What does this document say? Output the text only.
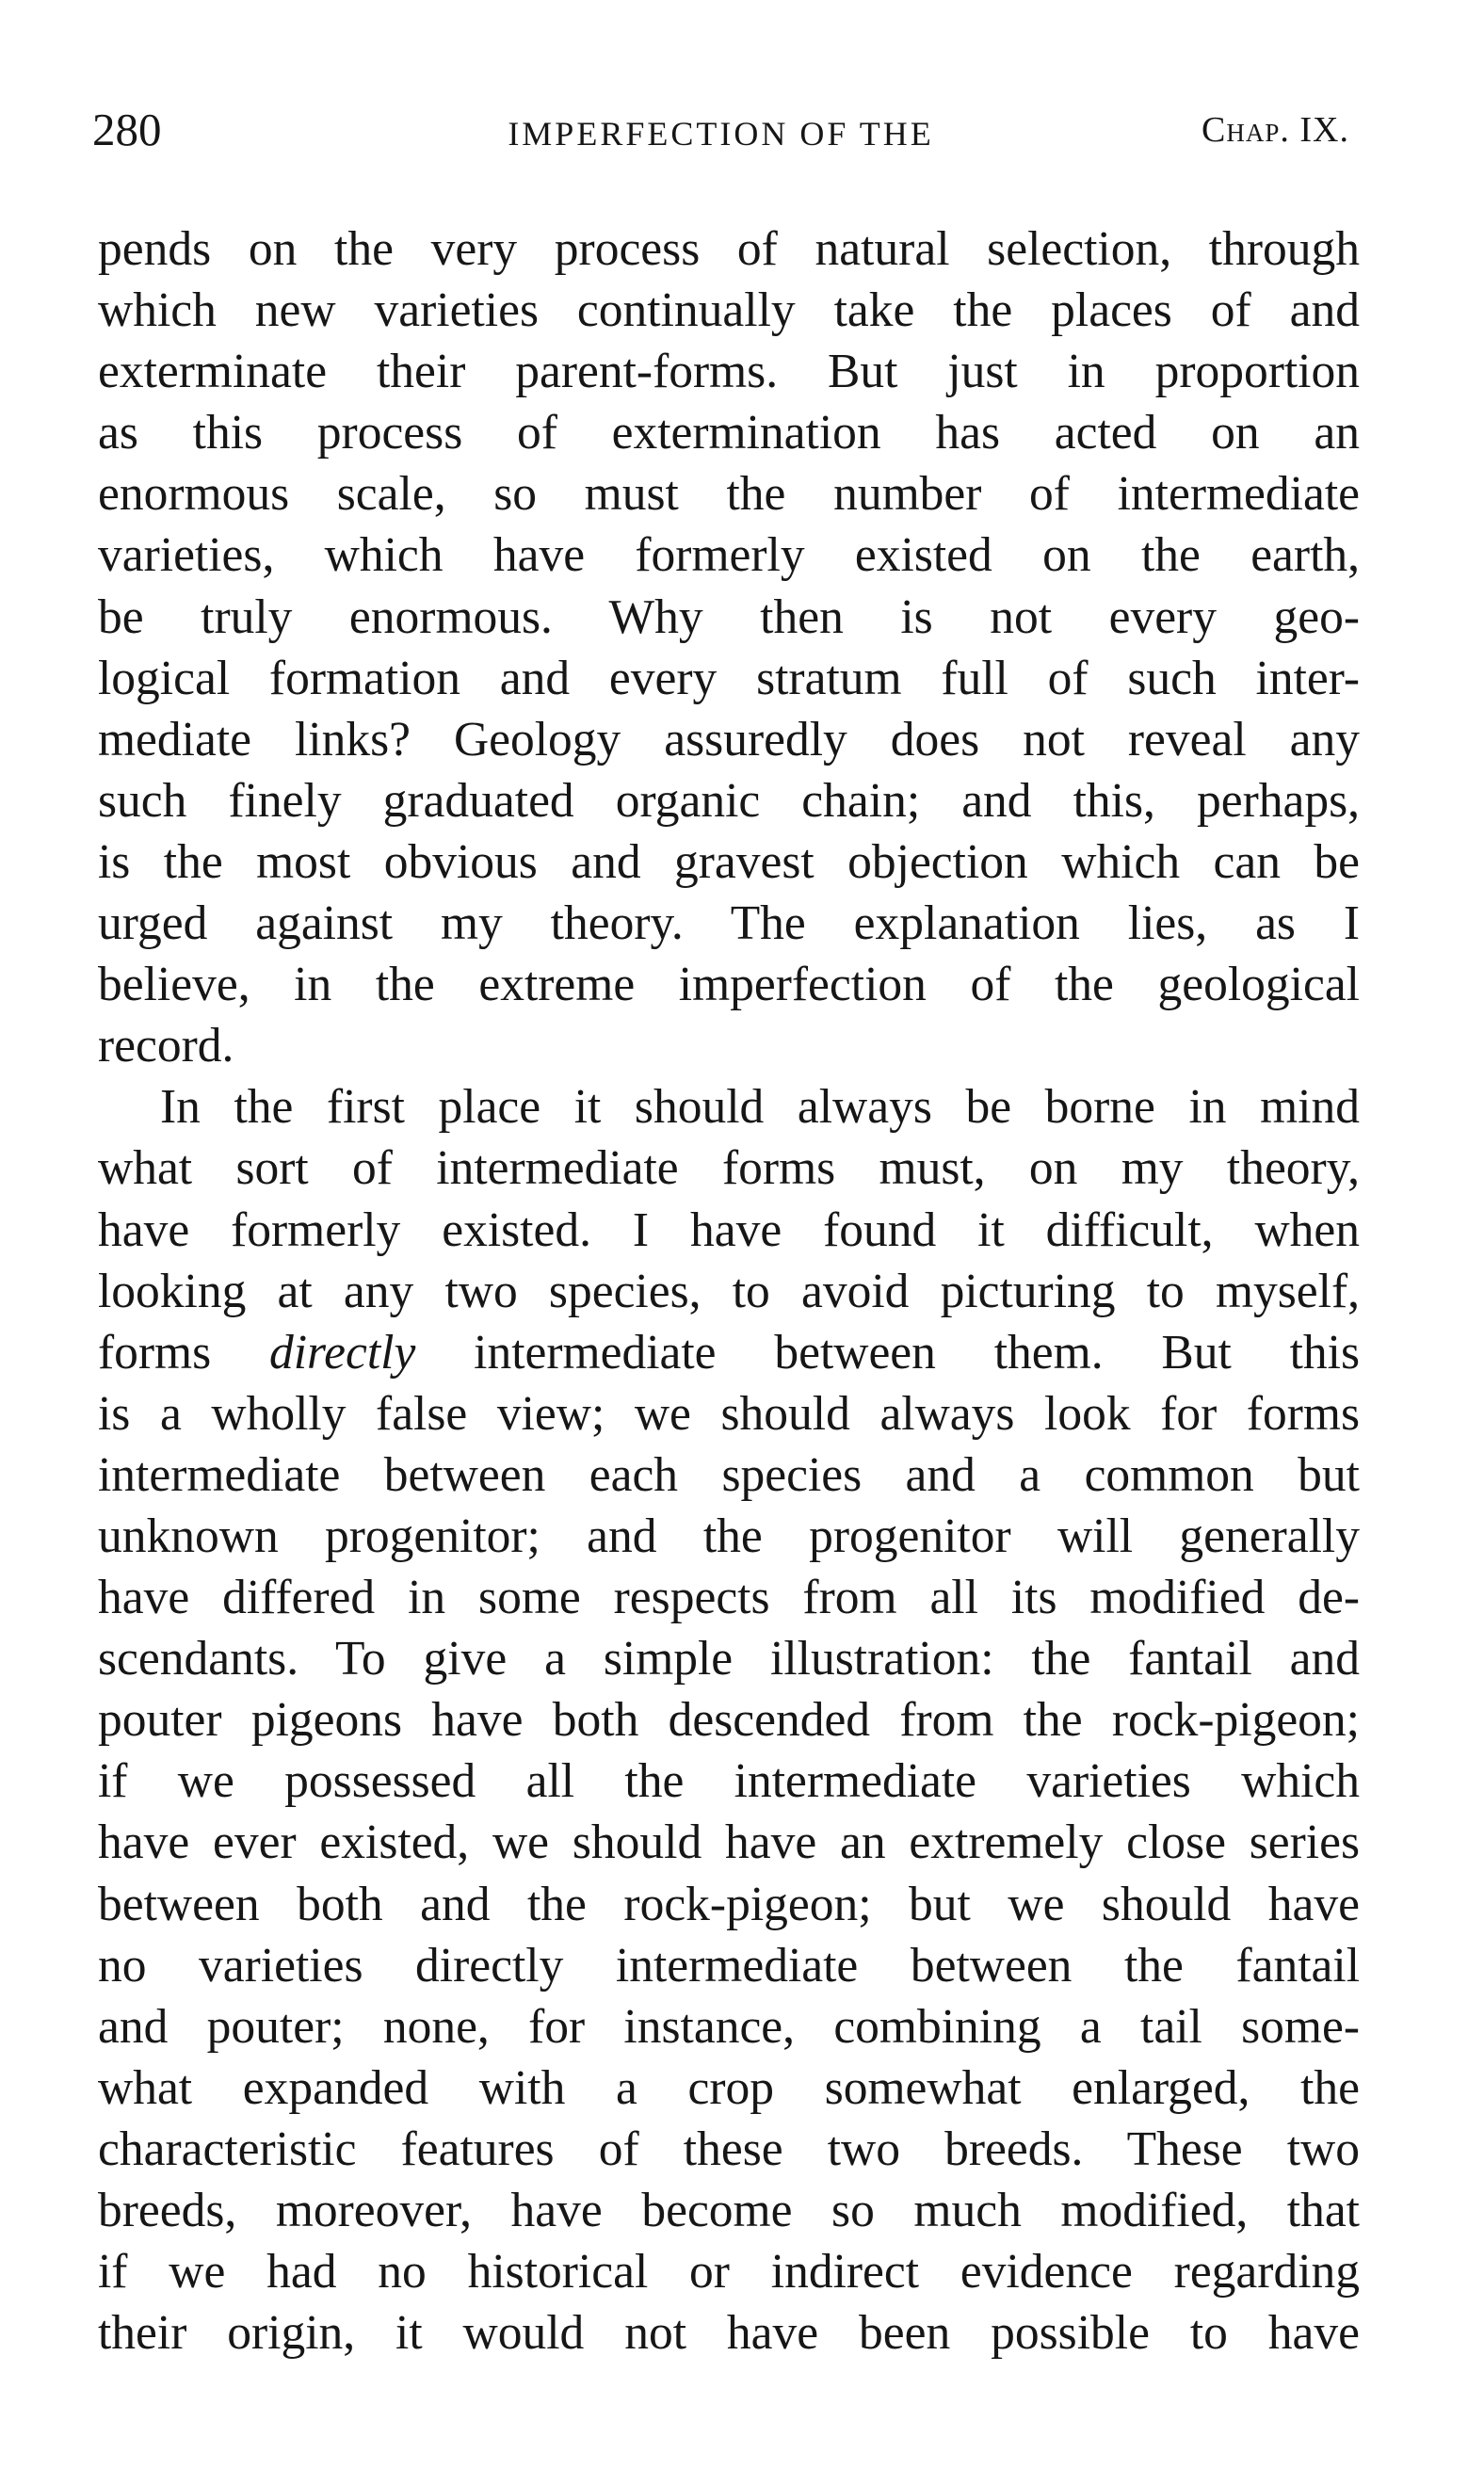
280	IMPERFECTION OF THE	Chap. IX.
pends on the very process of natural selection, through
which new varieties continually take the places of and
exterminate their parent-forms. But just in proportion
as this process of extermination has acted on an
enormous scale, so must the number of intermediate
varieties, which have formerly existed on the earth,
be truly enormous. Why then is not every geo-
logical formation and every stratum full of such inter-
mediate links? Geology assuredly does not reveal any
such finely graduated organic chain; and this, perhaps,
is the most obvious and gravest objection which can be
urged against my theory. The explanation lies, as I
believe, in the extreme imperfection of the geological
record.
In the first place it should always be borne in mind
what sort of intermediate forms must, on my theory,
have formerly existed. I have found it difficult, when
looking at any two species, to avoid picturing to myself,
forms directly intermediate between them. But this
is a wholly false view; we should always look for forms
intermediate between each species and a common but
unknown progenitor; and the progenitor will generally
have differed in some respects from all its modified de-
scendants. To give a simple illustration: the fantail and
pouter pigeons have both descended from the rock-pigeon;
if we possessed all the intermediate varieties which
have ever existed, we should have an extremely close series
between both and the rock-pigeon; but we should have
no varieties directly intermediate between the fantail
and pouter; none, for instance, combining a tail some-
what expanded with a crop somewhat enlarged, the
characteristic features of these two breeds. These two
breeds, moreover, have become so much modified, that
if we had no historical or indirect evidence regarding
their origin, it would not have been possible to have
